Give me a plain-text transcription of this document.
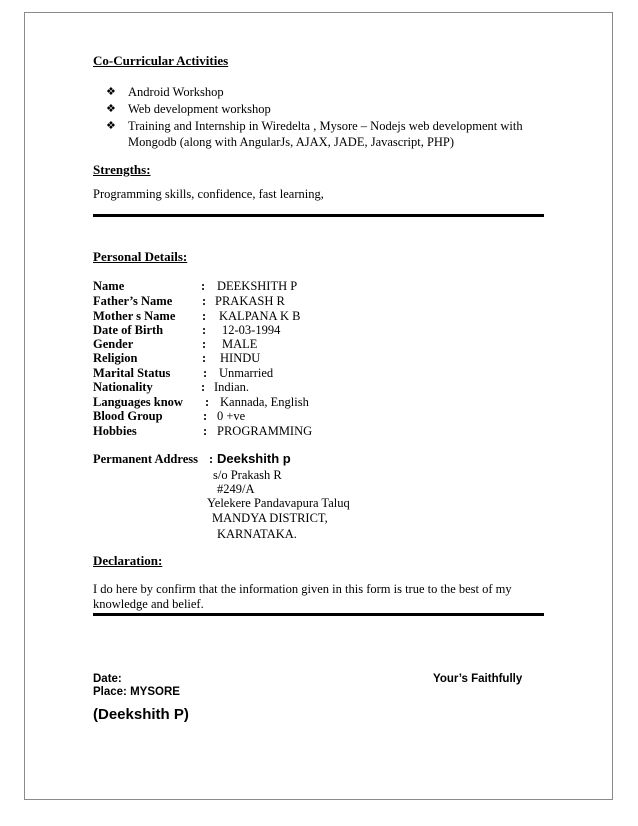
Co-Curricular Activities
❖ Android Workshop
❖ Web development workshop
❖ Training and Internship in Wiredelta , Mysore – Nodejs web development with Mongodb (along with AngularJs, AJAX, JADE, Javascript, PHP)
Strengths:
Programming skills, confidence, fast learning,
Personal Details:
Name	: DEEKSHITH P
Father’s Name : PRAKASH R
Mother s Name : KALPANA K B
Date of Birth	: 12-03-1994
Gender	: MALE
Religion	: HINDU
Marital Status	: Unmarried
Nationality	: Indian.
Languages know : Kannada, English
Blood Group	: 0 +ve
Hobbies	: PROGRAMMING
Permanent Address : Deekshith p
s/o Prakash R
#249/A
Yelekere Pandavapura Taluq
MANDYA DISTRICT,
KARNATAKA.
Declaration:
I do here by confirm that the information given in this form is true to the best of my
knowledge and belief.
Date:
Place: MYSORE
Your’s Faithfully
(Deekshith P)
